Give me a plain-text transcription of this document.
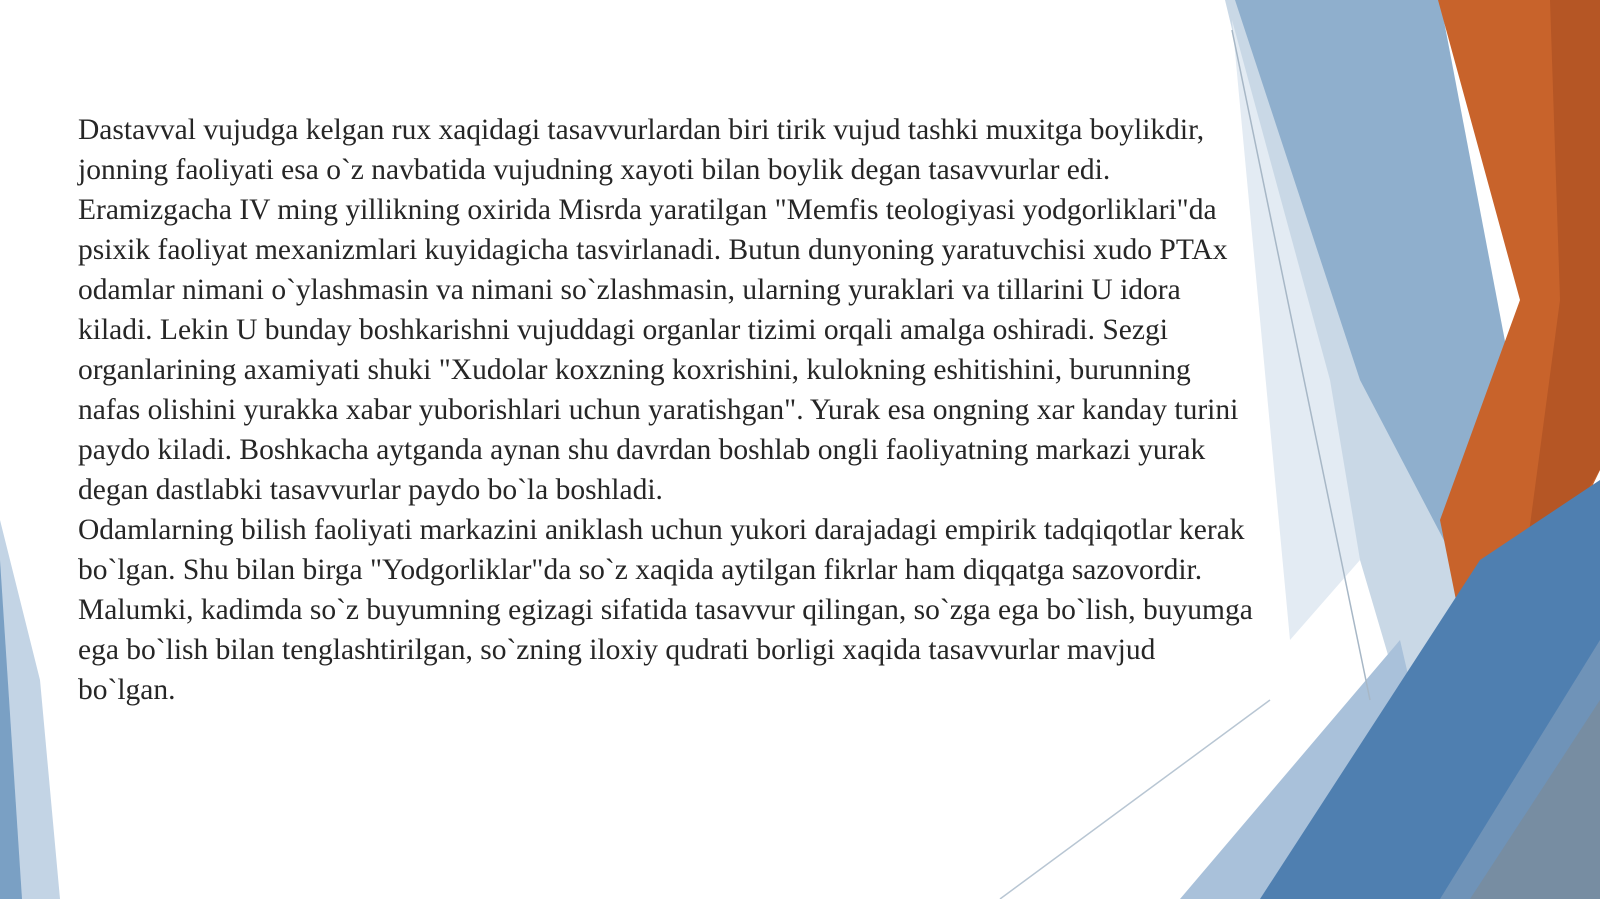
Dastavval vujudga kelgan rux xaqidagi tasavvurlardan biri tirik vujud tashki muxitga boylikdir, jonning faoliyati esa o`z navbatida vujudning xayoti bilan boylik degan tasavvurlar edi. Eramizgacha IV ming yillikning oxirida Misrda yaratilgan "Memfis teologiyasi yodgorliklari"da psixik faoliyat mexanizmlari kuyidagicha tasvirlanadi. Butun dunyoning yaratuvchisi xudo PTAx odamlar nimani o`ylashmasin va nimani so`zlashmasin, ularning yuraklari va tillarini U idora kiladi. Lekin U bunday boshkarishni vujuddagi organlar tizimi orqali amalga oshiradi. Sezgi organlarining axamiyati shuki "Xudolar koxzning koxrishini, kulokning eshitishini, burunning nafas olishini yurakka xabar yuborishlari uchun yaratishgan". Yurak esa ongning xar kanday turini paydo kiladi. Boshkacha aytganda aynan shu davrdan boshlab ongli faoliyatning markazi yurak degan dastlabki tasavvurlar paydo bo`la boshladi.

Odamlarning bilish faoliyati markazini aniklash uchun yukori darajadagi empirik tadqiqotlar kerak bo`lgan. Shu bilan birga "Yodgorliklar"da so`z xaqida aytilgan fikrlar ham diqqatga sazovordir. Malumki, kadimda so`z buyumning egizagi sifatida tasavvur qilingan, so`zga ega bo`lish, buyumga ega bo`lish bilan tenglashtirilgan, so`zning iloxiy qudrati borligi xaqida tasavvurlar mavjud bo`lgan.
